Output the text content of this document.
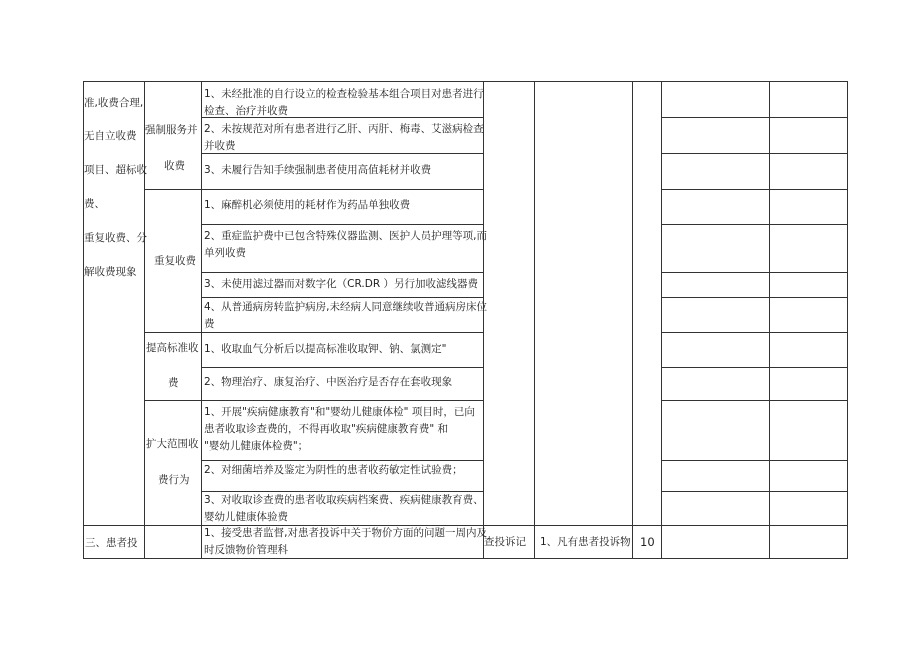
准,收费合理,
无自立收费
项目、超标收
费、
重复收费、分
解收费现象
强制服务并
收费
重复收费
提高标准收
费
扩大范围收
费行为
1、未经批准的自行设立的检查检验基本组合项目对患者进行
检查、治疗并收费
2、未按规范对所有患者进行乙肝、丙肝、梅毒、艾滋病检查
并收费
3、未履行告知手续强制患者使用高值耗材并收费
1、麻醉机必须使用的耗材作为药品单独收费
2、重症监护费中已包含特殊仪器监测、医护人员护理等项,而
单列收费
3、未使用滤过器而对数字化（CR.DR ）另行加收滤线器费
4、从普通病房转监护病房,未经病人同意继续收普通病房床位
费
1、收取血气分析后以提高标准收取钾、钠、氯测定"
2、物理治疗、康复治疗、中医治疗是否存在套收现象
1、开展"疾病健康教育"和"婴幼儿健康体检" 项目时，已向
患者收取诊查费的，不得再收取"疾病健康教育费" 和
"婴幼儿健康体检费"；
2、对细菌培养及鉴定为阴性的患者收药敏定性试验费；
3、对收取诊查费的患者收取疾病档案费、疾病健康教育费、
婴幼儿健康体验费
三、患者投
1、接受患者监督,对患者投诉中关于物价方面的问题一周内及
时反馈物价管理科
查投诉记 1、凡有患者投诉物 10
